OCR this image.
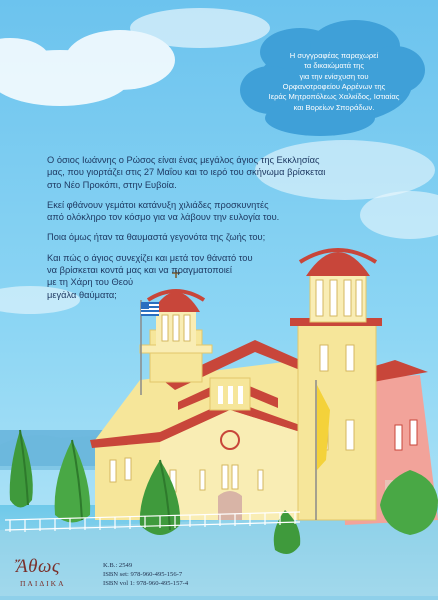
Η συγγραφέας παραχωρεί
τα δικαιώματά της
για την ενίσχυση του
Ορφανοτροφείου Αρρένων της
Ιεράς Μητροπόλεως Χαλκίδος, Ιστιαίας
και Βορείων Σποράδων.

Ο όσιος Ιωάννης ο Ρώσος είναι ένας μεγάλος άγιος της Εκκλησίας
μας, που γιορτάζει στις 27 Μαΐου και το ιερό του σκήνωμα βρίσκεται
στο Νέο Προκόπι, στην Ευβοία.

Εκεί φθάνουν γεμάτοι κατάνυξη χιλιάδες προσκυνητές
από ολόκληρο τον κόσμο για να λάβουν την ευλογία του.

Ποια όμως ήταν τα θαυμαστά γεγονότα της ζωής του;

Και πώς ο άγιος συνεχίζει και μετά τον θάνατό του
να βρίσκεται κοντά μας και να πραγματοποιεί
με τη Χάρη του Θεού
μεγάλα θαύματα;

Ἄθως
ΠΑΙΔΙΚΑ
K.B.: 2549
ISBN set: 978-960-495-156-7
ISBN vol 1: 978-960-495-157-4
